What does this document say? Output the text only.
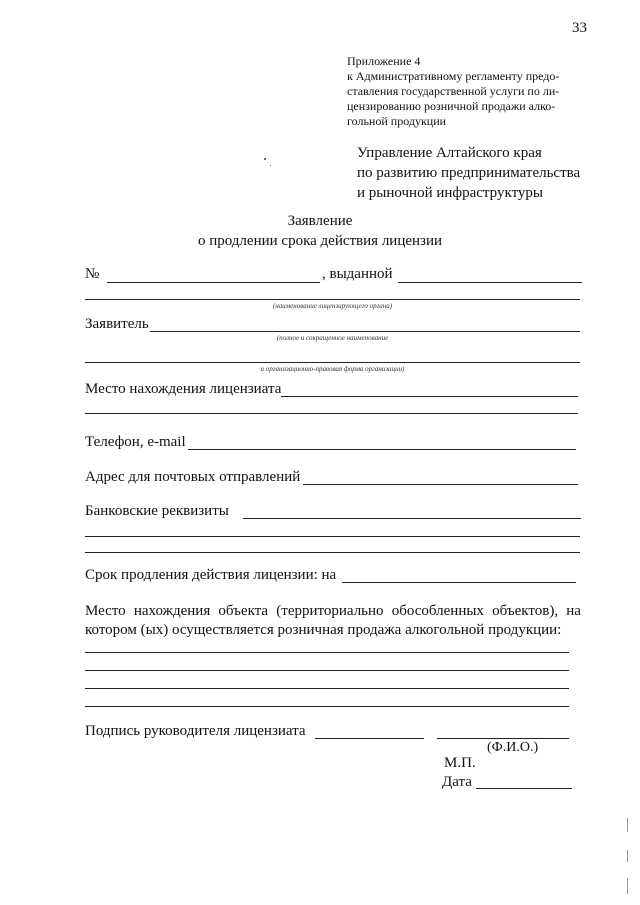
33
Приложение 4
к Административному регламенту предо-
ставления государственной услуги по ли-
цензированию розничной продажи алко-
гольной продукции
Управление Алтайского края
по развитию предпринимательства
и рыночной инфраструктуры
Заявление
о продлении срока действия лицензии
№	, выданной
(наименование лицензирующего органа)
Заявитель
(полное и сокращенное наименование
и организационно-правовая форма организации)
Место нахождения лицензиата
Телефон, e-mail
Адрес для почтовых отправлений
Банковские реквизиты
Срок продления действия лицензии: на
Место нахождения объекта (территориально обособленных объектов), на
котором (ых) осуществляется розничная продажа алкогольной продукции:
Подпись руководителя лицензиата
(Ф.И.О.)
М.П.
Дата
